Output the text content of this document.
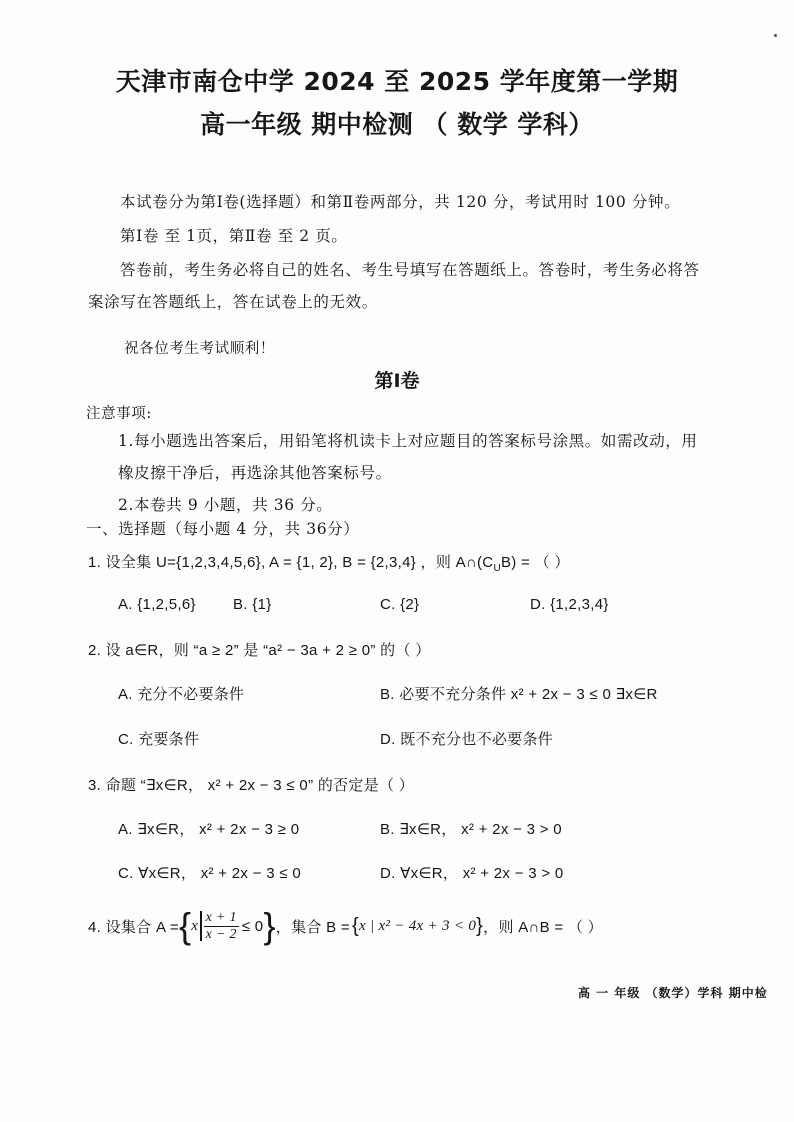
天津市南仓中学 2024 至 2025 学年度第一学期
高一年级 期中检测 （ 数学 学科）
本试卷分为第Ⅰ卷(选择题）和第Ⅱ卷两部分，共 120 分，考试用时 100 分钟。
第Ⅰ卷 至 1页，第Ⅱ卷 至 2 页。
答卷前，考生务必将自己的姓名、考生号填写在答题纸上。答卷时，考生务必将答
案涂写在答题纸上，答在试卷上的无效。
祝各位考生考试顺利！
第Ⅰ卷
注意事项:
1.每小题选出答案后，用铅笔将机读卡上对应题目的答案标号涂黑。如需改动，用
橡皮擦干净后，再选涂其他答案标号。
2.本卷共 9 小题，共 36 分。
一、选择题（每小题 4 分，共 36分）
1. 设全集 U={1,2,3,4,5,6}, A = {1, 2}, B = {2,3,4} ，则 $A\cap(C_UB)$ = （ ）
A. {1,2,5,6} B. {1}	C. {2}	D. {1,2,3,4}
2. 设 a∈R，则 “a ≥ 2” 是 “a² − 3a + 2 ≥ 0” 的（ ）
A. 充分不必要条件	B. 必要不充分条件 x² + 2x − 3 ≤ 0 ∃x∈R
C. 充要条件	D. 既不充分也不必要条件
3. 命题 “∃x∈R， x² + 2x − 3 ≤ 0” 的否定是（ ）
A. ∃x∈R， x² + 2x − 3 ≥ 0	B. ∃x∈R， x² + 2x − 3 > 0
C. ∀x∈R， x² + 2x − 3 ≤ 0	D. ∀x∈R， x² + 2x − 3 > 0
4. 设集合 A = { x $\frac{x + 1}{x - 2} \le 0$ } ，集合 B = { x | x² − 4x + 3 < 0 } ，则 A∩B = （ ）
高 一 年级 （数学）学科 期中检
